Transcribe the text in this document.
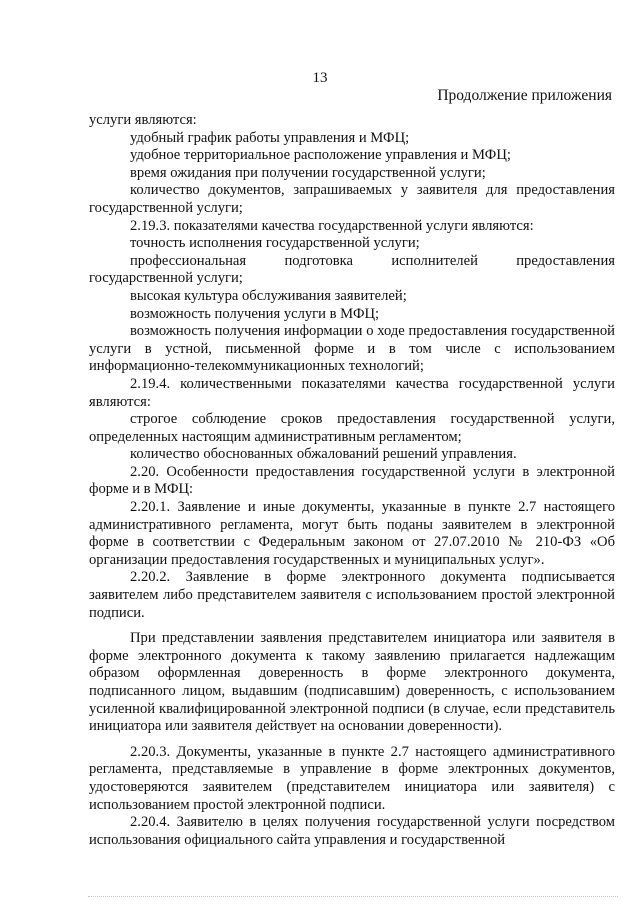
13
Продолжение приложения

услуги являются:

удобный график работы управления и МФЦ;

удобное территориальное расположение управления и МФЦ;

время ожидания при получении государственной услуги;

количество документов, запрашиваемых у заявителя для предоставления государственной услуги;

2.19.3. показателями качества государственной услуги являются:

точность исполнения государственной услуги;

профессиональная подготовка исполнителей предоставления государственной услуги;

высокая культура обслуживания заявителей;

возможность получения услуги в МФЦ;

возможность получения информации о ходе предоставления государственной услуги в устной, письменной форме и в том числе с использованием информационно-телекоммуникационных технологий;

2.19.4. количественными показателями качества государственной услуги являются:

строгое соблюдение сроков предоставления государственной услуги, определенных настоящим административным регламентом;

количество обоснованных обжалований решений управления.

2.20. Особенности предоставления государственной услуги в электронной форме и в МФЦ:

2.20.1. Заявление и иные документы, указанные в пункте 2.7 настоящего административного регламента, могут быть поданы заявителем в электронной форме в соответствии с Федеральным законом от 27.07.2010 № 210-ФЗ «Об организации предоставления государственных и муниципальных услуг».

2.20.2. Заявление в форме электронного документа подписывается заявителем либо представителем заявителя с использованием простой электронной подписи.

При представлении заявления представителем инициатора или заявителя в форме электронного документа к такому заявлению прилагается надлежащим образом оформленная доверенность в форме электронного документа, подписанного лицом, выдавшим (подписавшим) доверенность, с использованием усиленной квалифицированной электронной подписи (в случае, если представитель инициатора или заявителя действует на основании доверенности).

2.20.3. Документы, указанные в пункте 2.7 настоящего административного регламента, представляемые в управление в форме электронных документов, удостоверяются заявителем (представителем инициатора или заявителя) с использованием простой электронной подписи.

2.20.4. Заявителю в целях получения государственной услуги посредством использования официального сайта управления и государственной
